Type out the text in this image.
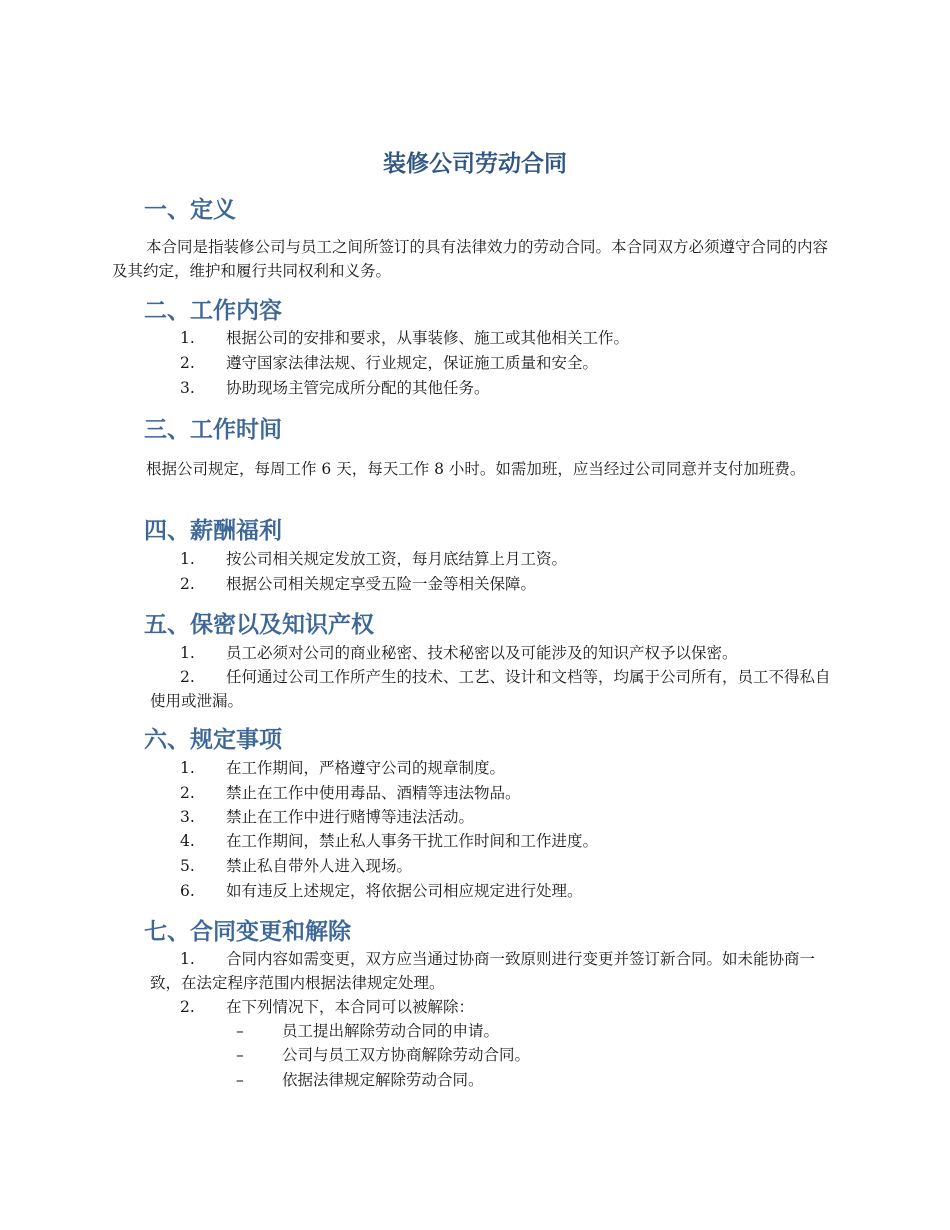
装修公司劳动合同
一、定义

本合同是指装修公司与员工之间所签订的具有法律效力的劳动合同。本合同双方必须遵守合同的内容及其约定，维护和履行共同权利和义务。

二、工作内容

1. 根据公司的安排和要求，从事装修、施工或其他相关工作。

2. 遵守国家法律法规、行业规定，保证施工质量和安全。

3. 协助现场主管完成所分配的其他任务。

三、工作时间

根据公司规定，每周工作 6 天，每天工作 8 小时。如需加班，应当经过公司同意并支付加班费。

四、薪酬福利

1. 按公司相关规定发放工资，每月底结算上月工资。

2. 根据公司相关规定享受五险一金等相关保障。

五、保密以及知识产权

1. 员工必须对公司的商业秘密、技术秘密以及可能涉及的知识产权予以保密。

2. 任何通过公司工作所产生的技术、工艺、设计和文档等，均属于公司所有，员工不得私自使用或泄漏。

六、规定事项

1. 在工作期间，严格遵守公司的规章制度。

2. 禁止在工作中使用毒品、酒精等违法物品。

3. 禁止在工作中进行赌博等违法活动。

4. 在工作期间，禁止私人事务干扰工作时间和工作进度。

5. 禁止私自带外人进入现场。

6. 如有违反上述规定，将依据公司相应规定进行处理。

七、合同变更和解除

1. 合同内容如需变更，双方应当通过协商一致原则进行变更并签订新合同。如未能协商一致，在法定程序范围内根据法律规定处理。

2. 在下列情况下，本合同可以被解除：

– 员工提出解除劳动合同的申请。

– 公司与员工双方协商解除劳动合同。

– 依据法律规定解除劳动合同。
